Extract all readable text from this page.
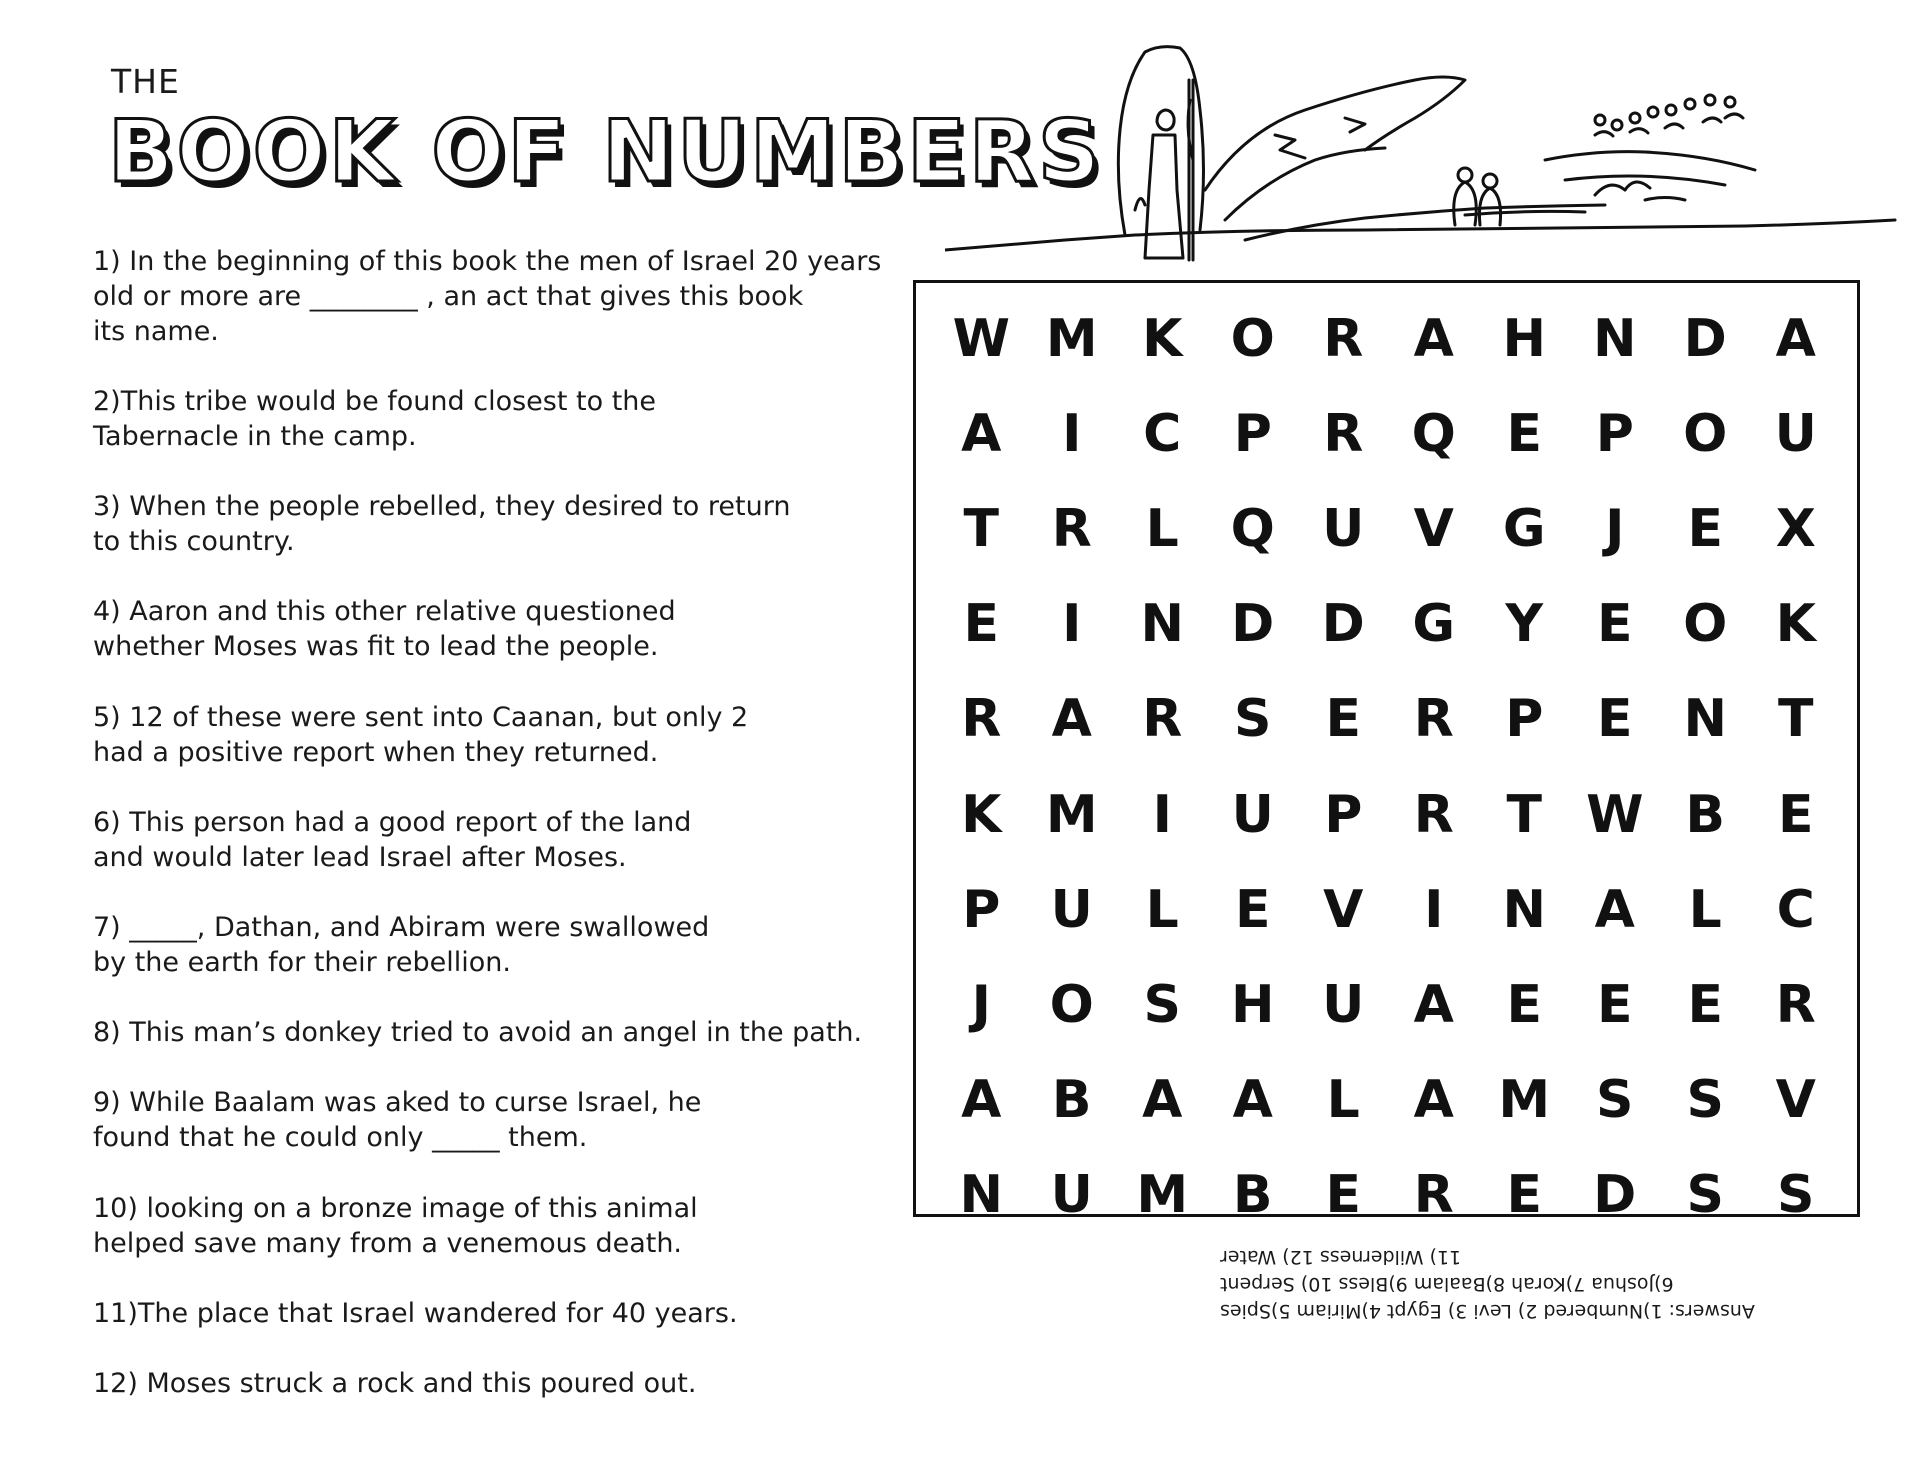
THE
BOOK OF NUMBERS
1) In the beginning of this book the men of Israel 20 years
old or more are ________ , an act that gives this book
its name.
2)This tribe would be found closest to the
Tabernacle in the camp.
3) When the people rebelled, they desired to return
to this country.
4) Aaron and this other relative questioned
whether Moses was fit to lead the people.
5) 12 of these were sent into Caanan, but only 2
had a positive report when they returned.
6) This person had a good report of the land
and would later lead Israel after Moses.
7) _____, Dathan, and Abiram were swallowed
by the earth for their rebellion.
8) This man’s donkey tried to avoid an angel in the path.
9) While Baalam was aked to curse Israel, he
found that he could only _____ them.
10) looking on a bronze image of this animal
helped save many from a venemous death.
11)The place that Israel wandered for 40 years.
12) Moses struck a rock and this poured out.
W M K O R A H N D A
A	I	C	P R Q E	P O U
T	R	L Q U V G	J	E	X
E	I	N D D G Y	E O K
R A R S	E	R P	E N T
K M	I	U P R	T W B	E
P U	L	E	V	I	N A	L	C
J	O S H U A	E	E	E	R
A B A A	L	A M S	S V
N U M B	E	R	E D S	S
Answers: 1)Numbered 2) Levi 3) Egypt 4)Miriam 5)Spies
6)Joshua 7)Korah 8)Baalam 9)Bless 10) Serpent
11) Wilderness 12) Water
